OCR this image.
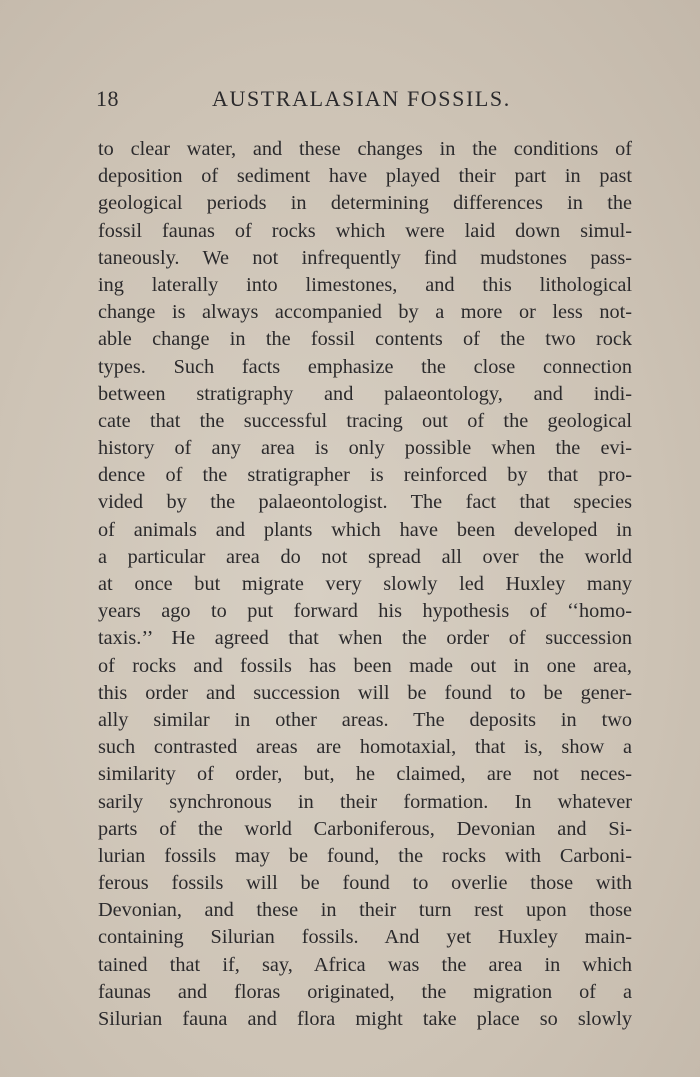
18	AUSTRALASIAN FOSSILS.
to clear water, and these changes in the conditions of
deposition of sediment have played their part in past
geological periods in determining differences in the
fossil faunas of rocks which were laid down simul-
taneously. We not infrequently find mudstones pass-
ing laterally into limestones, and this lithological
change is always accompanied by a more or less not-
able change in the fossil contents of the two rock
types. Such facts emphasize the close connection
between stratigraphy and palaeontology, and indi-
cate that the successful tracing out of the geological
history of any area is only possible when the evi-
dence of the stratigrapher is reinforced by that pro-
vided by the palaeontologist. The fact that species
of animals and plants which have been developed in
a particular area do not spread all over the world
at once but migrate very slowly led Huxley many
years ago to put forward his hypothesis of ‘‘homo-
taxis.’’ He agreed that when the order of succession
of rocks and fossils has been made out in one area,
this order and succession will be found to be gener-
ally similar in other areas. The deposits in two
such contrasted areas are homotaxial, that is, show a
similarity of order, but, he claimed, are not neces-
sarily synchronous in their formation. In whatever
parts of the world Carboniferous, Devonian and Si-
lurian fossils may be found, the rocks with Carboni-
ferous fossils will be found to overlie those with
Devonian, and these in their turn rest upon those
containing Silurian fossils. And yet Huxley main-
tained that if, say, Africa was the area in which
faunas and floras originated, the migration of a
Silurian fauna and flora might take place so slowly
